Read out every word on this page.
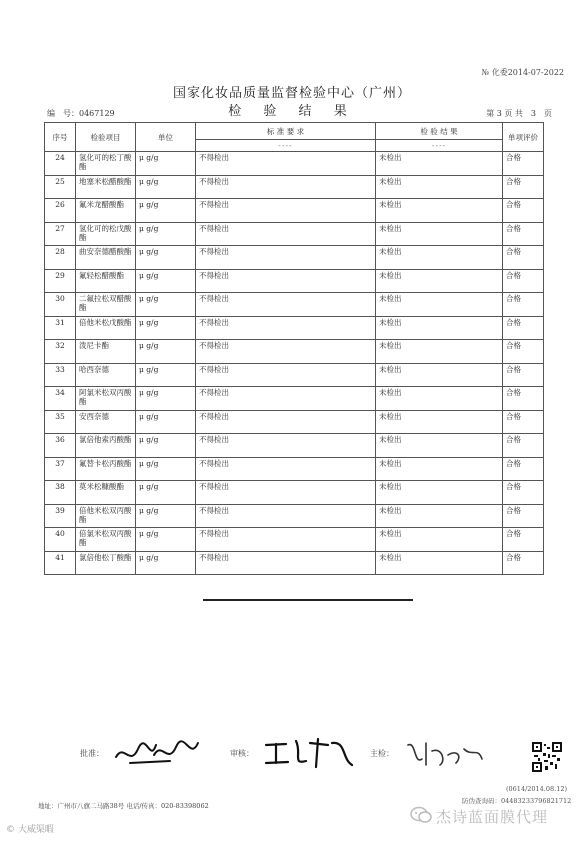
№ 化委2014-07-2022
国家化妆品质量监督检验中心（广州）
检 验 结 果
编　号：0467129	第 3 页 共　3　页
序号	检验项目	单位	标 准 要 求	检 验 结 果	单项评价
			----	----	
24	氢化可的松丁酸酯	μ g/g	不得检出	未检出	合格
25	地塞米松醋酸酯	μ g/g	不得检出	未检出	合格
26	氟米龙醋酸酯	μ g/g	不得检出	未检出	合格
27	氢化可的松戊酸酯	μ g/g	不得检出	未检出	合格
28	曲安奈德醋酸酯	μ g/g	不得检出	未检出	合格
29	氟轻松醋酸酯	μ g/g	不得检出	未检出	合格
30	二氟拉松双醋酸酯	μ g/g	不得检出	未检出	合格
31	倍他米松戊酸酯	μ g/g	不得检出	未检出	合格
32	泼尼卡酯	μ g/g	不得检出	未检出	合格
33	哈西奈德	μ g/g	不得检出	未检出	合格
34	阿氯米松双丙酸酯	μ g/g	不得检出	未检出	合格
35	安西奈德	μ g/g	不得检出	未检出	合格
36	氯倍他索丙酸酯	μ g/g	不得检出	未检出	合格
37	氟替卡松丙酸酯	μ g/g	不得检出	未检出	合格
38	莫米松糠酸酯	μ g/g	不得检出	未检出	合格
39	倍他米松双丙酸酯	μ g/g	不得检出	未检出	合格
40	倍氯米松双丙酸酯	μ g/g	不得检出	未检出	合格
41	氯倍他松丁酸酯	μ g/g	不得检出	未检出	合格
批准：	审核：	主检：
(0614/2014.08.12)
地址：广州市八旗二马路38号 电话/传真：020-83398062
防伪查询码：04483233796821712
© 大威渠暇
杰诗蓝面膜代理
